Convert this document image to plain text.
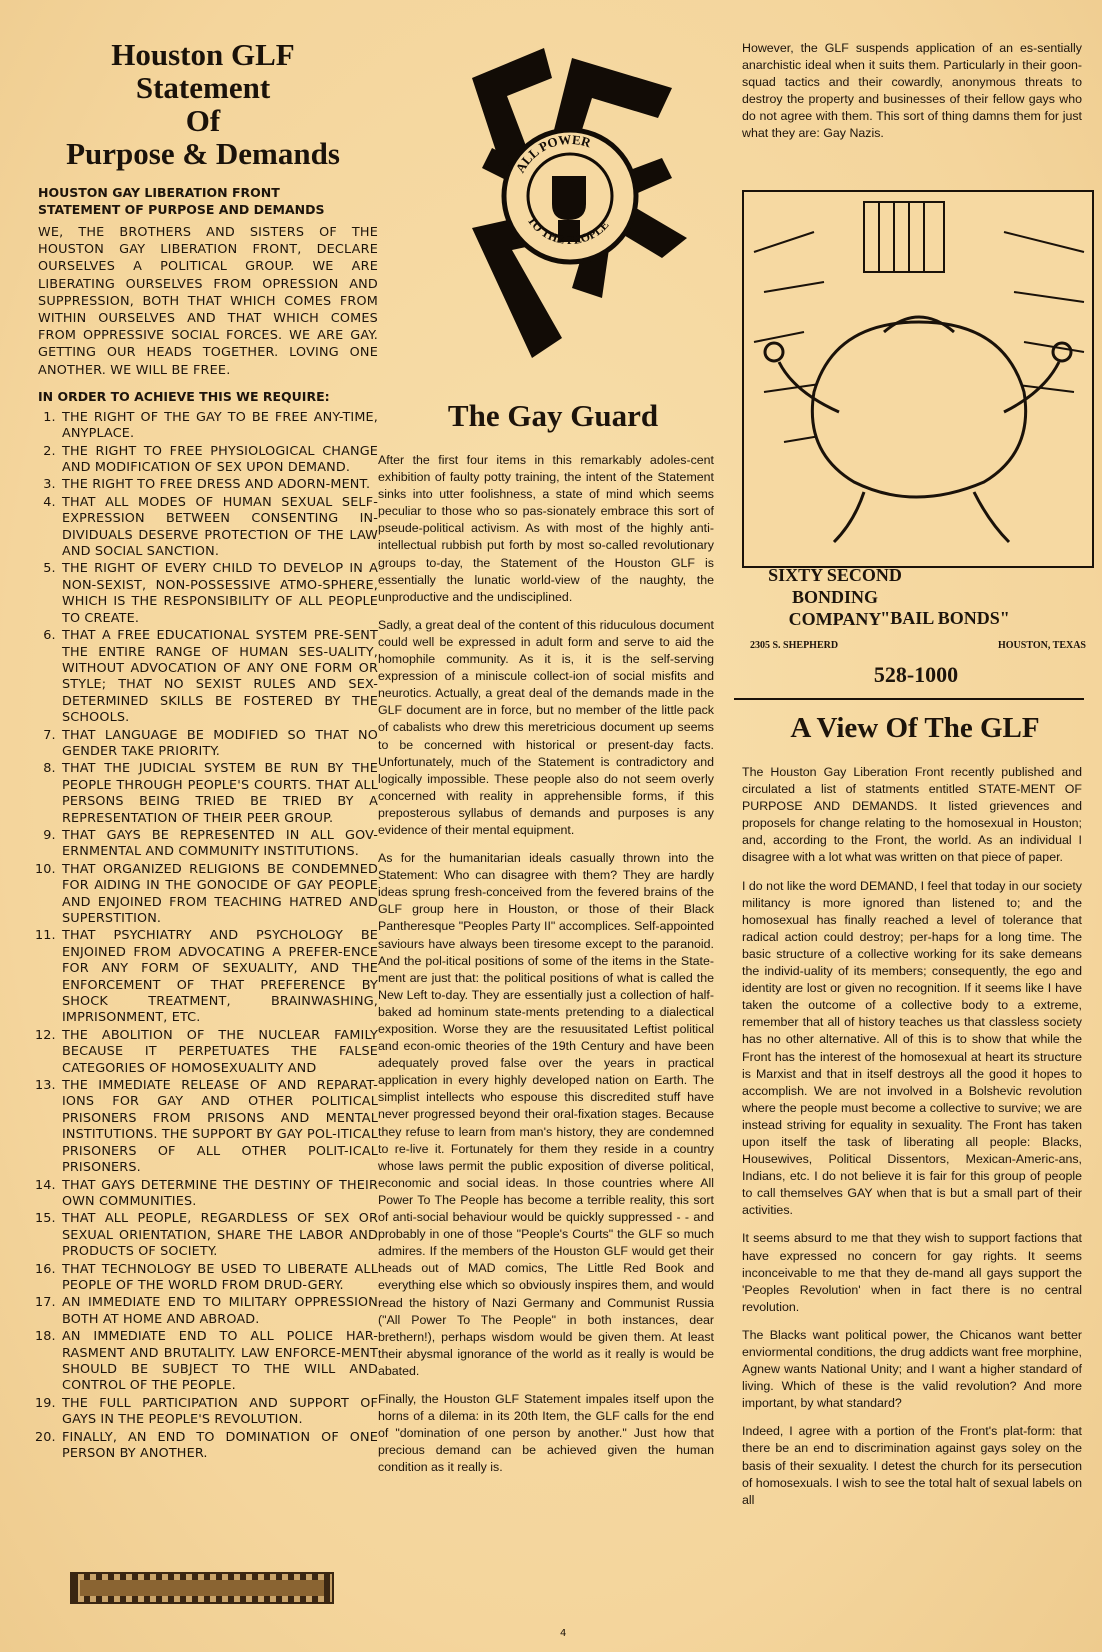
Houston GLF
Statement
Of
Purpose & Demands
HOUSTON GAY LIBERATION FRONT
STATEMENT OF PURPOSE AND DEMANDS

WE, THE BROTHERS AND SISTERS OF THE HOUSTON GAY LIBERATION FRONT, DECLARE OURSELVES A POLITICAL GROUP. WE ARE LIBERATING OURSELVES FROM OPRESSION AND SUPPRESSION, BOTH THAT WHICH COMES FROM WITHIN OURSELVES AND THAT WHICH COMES FROM OPPRESSIVE SOCIAL FORCES. WE ARE GAY. GETTING OUR HEADS TOGETHER. LOVING ONE ANOTHER. WE WILL BE FREE.

IN ORDER TO ACHIEVE THIS WE REQUIRE:
1. THE RIGHT OF THE GAY TO BE FREE ANY-TIME, ANYPLACE.
2. THE RIGHT TO FREE PHYSIOLOGICAL CHANGE AND MODIFICATION OF SEX UPON DEMAND.
3. THE RIGHT TO FREE DRESS AND ADORN-MENT.
4. THAT ALL MODES OF HUMAN SEXUAL SELF-EXPRESSION BETWEEN CONSENTING IN-DIVIDUALS DESERVE PROTECTION OF THE LAW AND SOCIAL SANCTION.
5. THE RIGHT OF EVERY CHILD TO DEVELOP IN A NON-SEXIST, NON-POSSESSIVE ATMO-SPHERE, WHICH IS THE RESPONSIBILITY OF ALL PEOPLE TO CREATE.
6. THAT A FREE EDUCATIONAL SYSTEM PRE-SENT THE ENTIRE RANGE OF HUMAN SES-UALITY, WITHOUT ADVOCATION OF ANY ONE FORM OR STYLE; THAT NO SEXIST RULES AND SEX-DETERMINED SKILLS BE FOSTERED BY THE SCHOOLS.
7. THAT LANGUAGE BE MODIFIED SO THAT NO GENDER TAKE PRIORITY.
8. THAT THE JUDICIAL SYSTEM BE RUN BY THE PEOPLE THROUGH PEOPLE'S COURTS. THAT ALL PERSONS BEING TRIED BE TRIED BY A REPRESENTATION OF THEIR PEER GROUP.
9. THAT GAYS BE REPRESENTED IN ALL GOV-ERNMENTAL AND COMMUNITY INSTITUTIONS.
10. THAT ORGANIZED RELIGIONS BE CONDEMNED FOR AIDING IN THE GONOCIDE OF GAY PEOPLE AND ENJOINED FROM TEACHING HATRED AND SUPERSTITION.
11. THAT PSYCHIATRY AND PSYCHOLOGY BE ENJOINED FROM ADVOCATING A PREFER-ENCE FOR ANY FORM OF SEXUALITY, AND THE ENFORCEMENT OF THAT PREFERENCE BY SHOCK TREATMENT, BRAINWASHING, IMPRISONMENT, ETC.
12. THE ABOLITION OF THE NUCLEAR FAMILY BECAUSE IT PERPETUATES THE FALSE CATEGORIES OF HOMOSEXUALITY AND
13. THE IMMEDIATE RELEASE OF AND REPARAT-IONS FOR GAY AND OTHER POLITICAL PRISONERS FROM PRISONS AND MENTAL INSTITUTIONS. THE SUPPORT BY GAY POL-ITICAL PRISONERS OF ALL OTHER POLIT-ICAL PRISONERS.
14. THAT GAYS DETERMINE THE DESTINY OF THEIR OWN COMMUNITIES.
15. THAT ALL PEOPLE, REGARDLESS OF SEX OR SEXUAL ORIENTATION, SHARE THE LABOR AND PRODUCTS OF SOCIETY.
16. THAT TECHNOLOGY BE USED TO LIBERATE ALL PEOPLE OF THE WORLD FROM DRUD-GERY.
17. AN IMMEDIATE END TO MILITARY OPPRESSION BOTH AT HOME AND ABROAD.
18. AN IMMEDIATE END TO ALL POLICE HAR-RASMENT AND BRUTALITY. LAW ENFORCE-MENT SHOULD BE SUBJECT TO THE WILL AND CONTROL OF THE PEOPLE.
19. THE FULL PARTICIPATION AND SUPPORT OF GAYS IN THE PEOPLE'S REVOLUTION.
20. FINALLY, AN END TO DOMINATION OF ONE PERSON BY ANOTHER.
ALL POWER
TO THE PEOPLE
The Gay Guard

After the first four items in this remarkably adoles-cent exhibition of faulty potty training, the intent of the Statement sinks into utter foolishness, a state of mind which seems peculiar to those who so pas-sionately embrace this sort of pseude-political activism. As with most of the highly anti-intellectual rubbish put forth by most so-called revolutionary groups to-day, the Statement of the Houston GLF is essentially the lunatic world-view of the naughty, the unproductive and the undisciplined.

Sadly, a great deal of the content of this riduculous document could well be expressed in adult form and serve to aid the homophile community. As it is, it is the self-serving expression of a miniscule collect-ion of social misfits and neurotics. Actually, a great deal of the demands made in the GLF document are in force, but no member of the little pack of cabalists who drew this meretricious document up seems to be concerned with historical or present-day facts. Unfortunately, much of the Statement is contradictory and logically impossible. These people also do not seem overly concerned with reality in apprehensible forms, if this preposterous syllabus of demands and purposes is any evidence of their mental equipment.

As for the humanitarian ideals casually thrown into the Statement: Who can disagree with them? They are hardly ideas sprung fresh-conceived from the fevered brains of the GLF group here in Houston, or those of their Black Pantheresque "Peoples Party II" accomplices. Self-appointed saviours have always been tiresome except to the paranoid. And the pol-itical positions of some of the items in the State-ment are just that: the political positions of what is called the New Left to-day. They are essentially just a collection of half-baked ad hominum state-ments pretending to a dialectical exposition. Worse they are the resuusitated Leftist political and econ-omic theories of the 19th Century and have been adequately proved false over the years in practical application in every highly developed nation on Earth. The simplist intellects who espouse this discredited stuff have never progressed beyond their oral-fixation stages. Because they refuse to learn from man's history, they are condemned to re-live it. Fortunately for them they reside in a country whose laws permit the public exposition of diverse political, economic and social ideas. In those countries where All Power To The People has become a terrible reality, this sort of anti-social behaviour would be quickly suppressed - - and probably in one of those "People's Courts" the GLF so much admires. If the members of the Houston GLF would get their heads out of MAD comics, The Little Red Book and everything else which so obviously inspires them, and would read the history of Nazi Germany and Communist Russia ("All Power To The People" in both instances, dear brethern!), perhaps wisdom would be given them. At least their abysmal ignorance of the world as it really is would be abated.

Finally, the Houston GLF Statement impales itself upon the horns of a dilema: in its 20th Item, the GLF calls for the end of "domination of one person by another." Just how that precious demand can be achieved given the human condition as it really is.

4

However, the GLF suspends application of an es-sentially anarchistic ideal when it suits them. Particularly in their goon-squad tactics and their cowardly, anonymous threats to destroy the property and businesses of their fellow gays who do not agree with them. This sort of thing damns them for just what they are: Gay Nazis.

SIXTY SECOND
BONDING COMPANY
"BAIL BONDS"
2305 S. SHEPHERD	HOUSTON, TEXAS
528-1000
A View Of The GLF

The Houston Gay Liberation Front recently published and circulated a list of statments entitled STATE-MENT OF PURPOSE AND DEMANDS. It listed grievences and proposels for change relating to the homosexual in Houston; and, according to the Front, the world. As an individual I disagree with a lot what was written on that piece of paper.

I do not like the word DEMAND, I feel that today in our society militancy is more ignored than listened to; and the homosexual has finally reached a level of tolerance that radical action could destroy; per-haps for a long time. The basic structure of a collective working for its sake demeans the individ-uality of its members; consequently, the ego and identity are lost or given no recognition. If it seems like I have taken the outcome of a collective body to a extreme, remember that all of history teaches us that classless society has no other alternative. All of this is to show that while the Front has the interest of the homosexual at heart its structure is Marxist and that in itself destroys all the good it hopes to accomplish. We are not involved in a Bolshevic revolution where the people must become a collective to survive; we are instead striving for equality in sexuality. The Front has taken upon itself the task of liberating all people: Blacks, Housewives, Political Dissentors, Mexican-Americ-ans, Indians, etc. I do not believe it is fair for this group of people to call themselves GAY when that is but a small part of their activities.

It seems absurd to me that they wish to support factions that have expressed no concern for gay rights. It seems inconceivable to me that they de-mand all gays support the 'Peoples Revolution' when in fact there is no central revolution.

The Blacks want political power, the Chicanos want better enviormental conditions, the drug addicts want free morphine, Agnew wants National Unity; and I want a higher standard of living. Which of these is the valid revolution? And more important, by what standard?

Indeed, I agree with a portion of the Front's plat-form: that there be an end to discrimination against gays soley on the basis of their sexuality. I detest the church for its persecution of homosexuals. I wish to see the total halt of sexual labels on all
